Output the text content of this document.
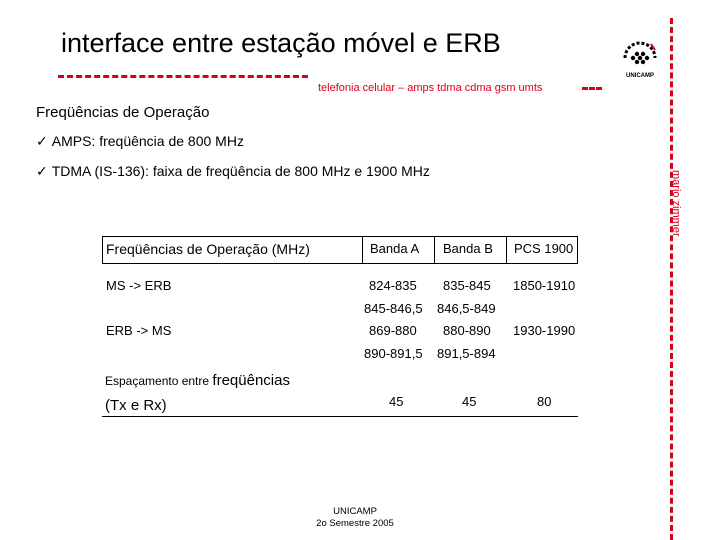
interface entre estação móvel e ERB
telefonia celular – amps tdma cdma gsm umts
UNICAMP
mario zimmer
Freqüências de Operação
✓ AMPS: freqüência de 800 MHz
✓ TDMA (IS-136): faixa de freqüência de 800 MHz e 1900 MHz
Freqüências de Operação (MHz)	Banda A Banda B PCS 1900
MS -> ERB	824-835 835-845 1850-1910
845-846,5 846,5-849
ERB -> MS	869-880 880-890 1930-1990
890-891,5 891,5-894
Espaçamento entre freqüências
(Tx e Rx)	45	45	80
UNICAMP
2o Semestre 2005
